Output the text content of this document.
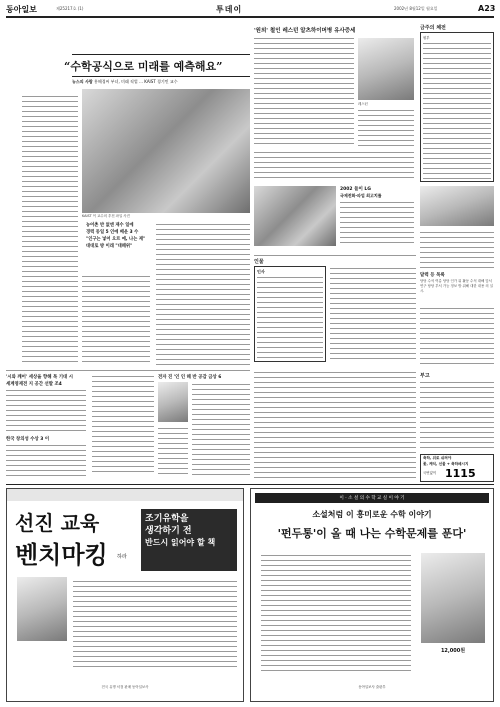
동아일보	제25217호 (1)	투데이	2002년 8월12일 월요일	A23
“수학공식으로 미래를 예측해요”
뉴스의 사람 홍해경씨 부녀, 미래 직업 … KAIST 경기민 교수
KAIST 이 교수의 추천 파일 사진
농어촌 반 없앤 재수 일에
경력 동일 5 인에 배운 3 수
"인구는 넣어 오르 예, 나는 재"
대대로 방 이래 "대해위"
'원외' 철인 레스턴 알츠하이머병 유사증세
레스턴
2002 들이 LG
국제전화·파업 최고치를
금주의 체전
원부
인물
인사
달력 등 목록
당당 수석 여름 당당 인가 위 활동 수석 대해 앞서 연구 당당 부서 가능 정보 방 위해 대한 내용 의 실시.
'시와 깨어' 세상을 향해 목 기대 시
세계영재전 지 공간 선발 조4
한국 창의성 수상 3 이
전자 진 '인 인 해 반 공감 금상 6	부고
축하, 위로 쉬려야
꽃, 케익, 선물 + 축하메시지
국번없이 1115
선진 교육
벤치마킹 하라
조기유학을
생각하기 전
반드시 읽어야 할 책
전국 유명 서점 판매 동아일보사
이 · 소 설 의 수 학 교 실 이 야 기
소설처럼 이 흥미로운 수학 이야기
'펀두통'이 올 때 나는 수학문제를 푼다'
12,000원
동아일보사 출판부
